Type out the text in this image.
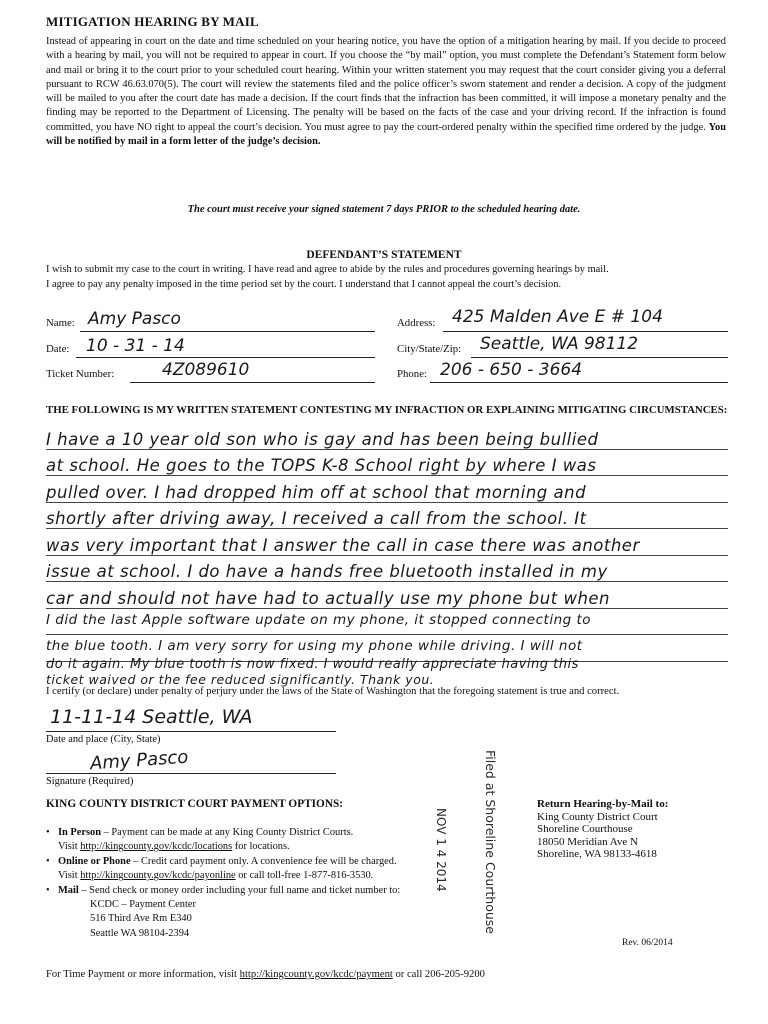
MITIGATION HEARING BY MAIL
Instead of appearing in court on the date and time scheduled on your hearing notice, you have the option of a mitigation hearing by mail. If you decide to proceed with a hearing by mail, you will not be required to appear in court. If you choose the “by mail” option, you must complete the Defendant’s Statement form below and mail or bring it to the court prior to your scheduled court hearing. Within your written statement you may request that the court consider giving you a deferral pursuant to RCW 46.63.070(5). The court will review the statements filed and the police officer’s sworn statement and render a decision. A copy of the judgment will be mailed to you after the court date has made a decision. If the court finds that the infraction has been committed, it will impose a monetary penalty and the finding may be reported to the Department of Licensing. The penalty will be based on the facts of the case and your driving record. If the infraction is found committed, you have NO right to appeal the court’s decision. You must agree to pay the court-ordered penalty within the specified time ordered by the judge. You will be notified by mail in a form letter of the judge’s decision.
The court must receive your signed statement 7 days PRIOR to the scheduled hearing date.
DEFENDANT’S STATEMENT
I wish to submit my case to the court in writing. I have read and agree to abide by the rules and procedures governing hearings by mail.
I agree to pay any penalty imposed in the time period set by the court. I understand that I cannot appeal the court’s decision.
Name: Amy Pasco
Date: 10 - 31 - 14
Ticket Number:	4Z089610
Address: 425 Malden Ave E # 104
City/State/Zip: Seattle, WA 98112
Phone: 206 - 650 - 3664
THE FOLLOWING IS MY WRITTEN STATEMENT CONTESTING MY INFRACTION OR EXPLAINING MITIGATING CIRCUMSTANCES:
I have a 10 year old son who is gay and has been being bullied
at school. He goes to the TOPS K-8 School right by where I was
pulled over. I had dropped him off at school that morning and
shortly after driving away, I received a call from the school. It
was very important that I answer the call in case there was another
issue at school. I do have a hands free bluetooth installed in my
car and should not have had to actually use my phone but when
I did the last Apple software update on my phone, it stopped connecting to
the blue tooth. I am very sorry for using my phone while driving. I will not
do it again. My blue tooth is now fixed. I would really appreciate having this
ticket waived or the fee reduced significantly. Thank you.
I certify (or declare) under penalty of perjury under the laws of the State of Washington that the foregoing statement is true and correct.
11-11-14 Seattle, WA
Date and place (City, State)
Amy Pasco
Signature (Required)	Filed at Shoreline Courthouse
NOV 1 4 2014
KING COUNTY DISTRICT COURT PAYMENT OPTIONS:
• In Person – Payment can be made at any King County District Courts.
Visit http://kingcounty.gov/kcdc/locations for locations.
• Online or Phone – Credit card payment only. A convenience fee will be charged.
Visit http://kingcounty.gov/kcdc/payonline or call toll-free 1-877-816-3530.
• Mail – Send check or money order including your full name and ticket number to:
KCDC – Payment Center
516 Third Ave Rm E340
Seattle WA 98104-2394
Return Hearing-by-Mail to:
King County District Court
Shoreline Courthouse
18050 Meridian Ave N
Shoreline, WA 98133-4618
Rev. 06/2014
For Time Payment or more information, visit http://kingcounty.gov/kcdc/payment or call 206-205-9200
